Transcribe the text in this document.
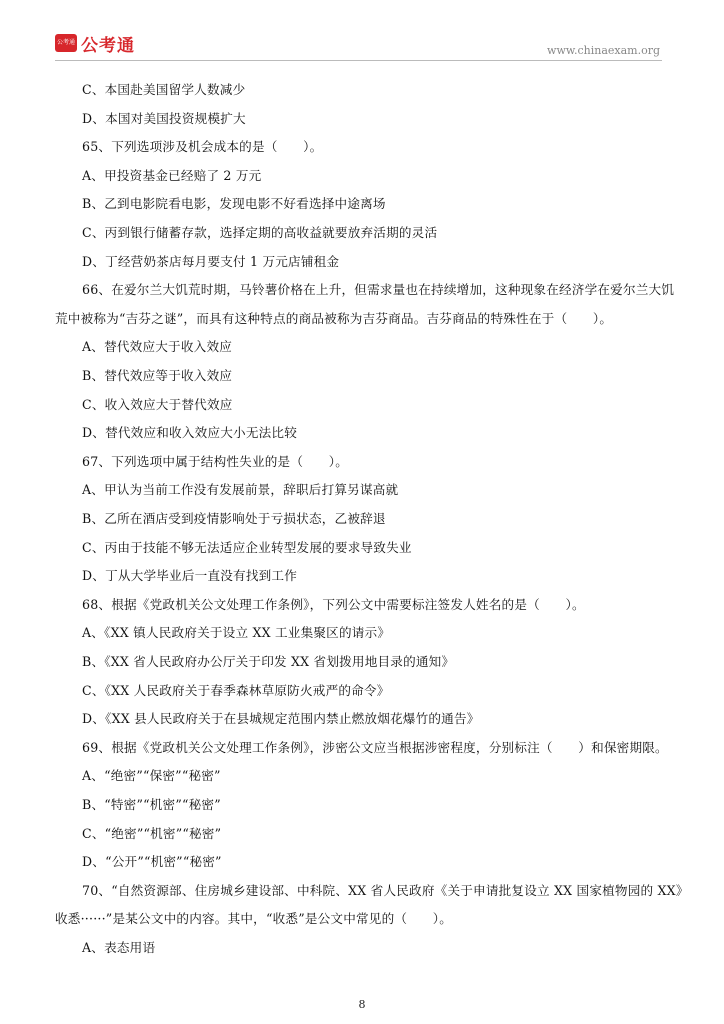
公考通 公考通	www.chinaexam.org
C、本国赴美国留学人数减少
D、本国对美国投资规模扩大
65、下列选项涉及机会成本的是（　　）。
A、甲投资基金已经赔了 2 万元
B、乙到电影院看电影，发现电影不好看选择中途离场
C、丙到银行储蓄存款，选择定期的高收益就要放弃活期的灵活
D、丁经营奶茶店每月要支付 1 万元店铺租金
66、在爱尔兰大饥荒时期，马铃薯价格在上升，但需求量也在持续增加，这种现象在经济学在爱尔兰大饥
荒中被称为“吉芬之谜”，而具有这种特点的商品被称为吉芬商品。吉芬商品的特殊性在于（　　）。
A、替代效应大于收入效应
B、替代效应等于收入效应
C、收入效应大于替代效应
D、替代效应和收入效应大小无法比较
67、下列选项中属于结构性失业的是（　　）。
A、甲认为当前工作没有发展前景，辞职后打算另谋高就
B、乙所在酒店受到疫情影响处于亏损状态，乙被辞退
C、丙由于技能不够无法适应企业转型发展的要求导致失业
D、丁从大学毕业后一直没有找到工作
68、根据《党政机关公文处理工作条例》，下列公文中需要标注签发人姓名的是（　　）。
A、《XX 镇人民政府关于设立 XX 工业集聚区的请示》
B、《XX 省人民政府办公厅关于印发 XX 省划拨用地目录的通知》
C、《XX 人民政府关于春季森林草原防火戒严的命令》
D、《XX 县人民政府关于在县城规定范围内禁止燃放烟花爆竹的通告》
69、根据《党政机关公文处理工作条例》，涉密公文应当根据涉密程度，分别标注（　　）和保密期限。
A、“绝密”“保密”“秘密”
B、“特密”“机密”“秘密”
C、“绝密”“机密”“秘密”
D、“公开”“机密”“秘密”
70、“自然资源部、住房城乡建设部、中科院、XX 省人民政府《关于申请批复设立 XX 国家植物园的 XX》
收悉······”是某公文中的内容。其中，“收悉”是公文中常见的（　　）。
A、表态用语
8
